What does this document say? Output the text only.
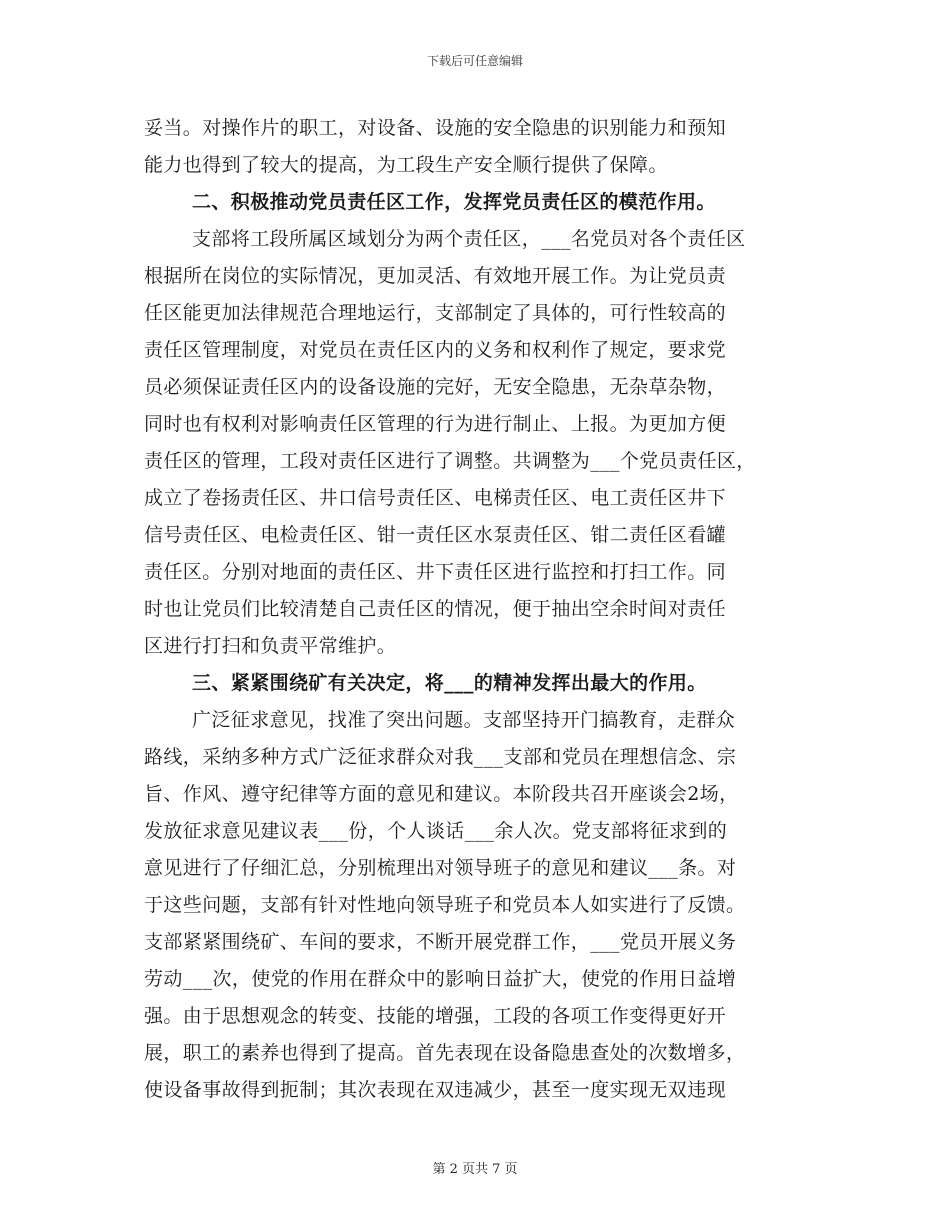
下载后可任意编辑
妥当。对操作片的职工，对设备、设施的安全隐患的识别能力和预知
能力也得到了较大的提高，为工段生产安全顺行提供了保障。
二、积极推动党员责任区工作，发挥党员责任区的模范作用。
支部将工段所属区域划分为两个责任区，___名党员对各个责任区
根据所在岗位的实际情况，更加灵活、有效地开展工作。为让党员责
任区能更加法律规范合理地运行，支部制定了具体的，可行性较高的
责任区管理制度，对党员在责任区内的义务和权利作了规定，要求党
员必须保证责任区内的设备设施的完好，无安全隐患，无杂草杂物，
同时也有权利对影响责任区管理的行为进行制止、上报。为更加方便
责任区的管理，工段对责任区进行了调整。共调整为___个党员责任区，
成立了卷扬责任区、井口信号责任区、电梯责任区、电工责任区井下
信号责任区、电检责任区、钳一责任区水泵责任区、钳二责任区看罐
责任区。分别对地面的责任区、井下责任区进行监控和打扫工作。同
时也让党员们比较清楚自己责任区的情况，便于抽出空余时间对责任
区进行打扫和负责平常维护。
三、紧紧围绕矿有关决定，将___的精神发挥出最大的作用。
广泛征求意见，找准了突出问题。支部坚持开门搞教育，走群众
路线，采纳多种方式广泛征求群众对我___支部和党员在理想信念、宗
旨、作风、遵守纪律等方面的意见和建议。本阶段共召开座谈会2场，
发放征求意见建议表___份，个人谈话___余人次。党支部将征求到的
意见进行了仔细汇总，分别梳理出对领导班子的意见和建议___条。对
于这些问题，支部有针对性地向领导班子和党员本人如实进行了反馈。
支部紧紧围绕矿、车间的要求，不断开展党群工作，___党员开展义务
劳动___次，使党的作用在群众中的影响日益扩大，使党的作用日益增
强。由于思想观念的转变、技能的增强，工段的各项工作变得更好开
展，职工的素养也得到了提高。首先表现在设备隐患查处的次数增多，
使设备事故得到扼制；其次表现在双违减少，甚至一度实现无双违现
第 2 页共 7 页
